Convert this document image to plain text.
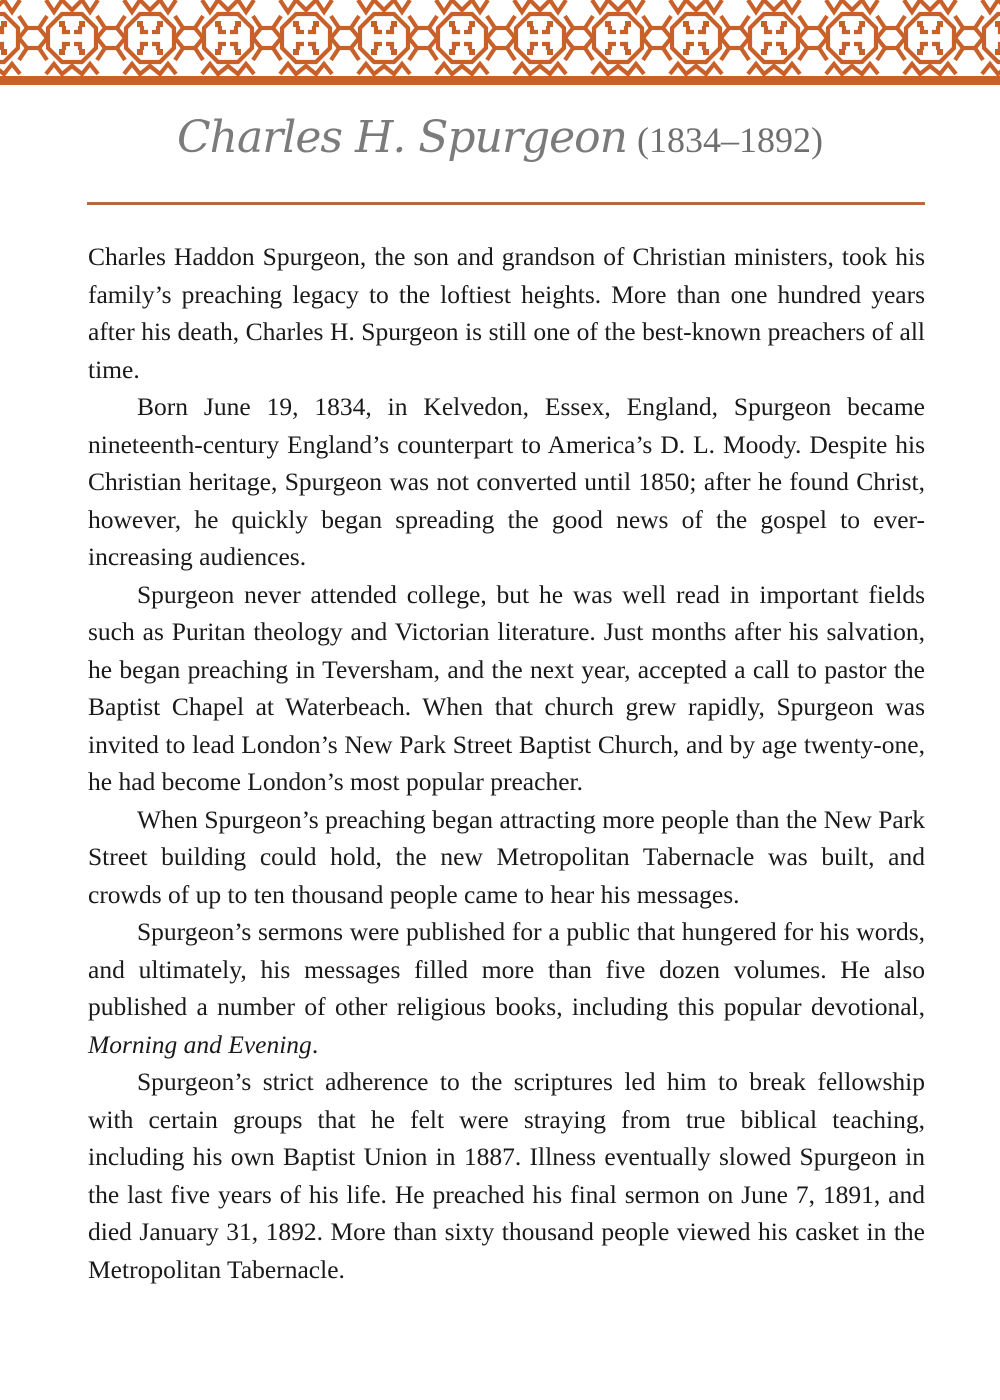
Charles H. Spurgeon (1834–1892)

Charles Haddon Spurgeon, the son and grandson of Christian ministers, took his family’s preaching legacy to the loftiest heights. More than one hundred years after his death, Charles H. Spurgeon is still one of the best-known preachers of all time.

Born June 19, 1834, in Kelvedon, Essex, England, Spurgeon became nineteenth-century England’s counterpart to America’s D. L. Moody. Despite his Christian heritage, Spurgeon was not converted until 1850; after he found Christ, however, he quickly began spreading the good news of the gospel to ever-increasing audiences.

Spurgeon never attended college, but he was well read in important fields such as Puritan theology and Victorian literature. Just months after his salvation, he began preaching in Teversham, and the next year, accepted a call to pastor the Baptist Chapel at Waterbeach. When that church grew rapidly, Spurgeon was invited to lead London’s New Park Street Baptist Church, and by age twenty-one, he had become London’s most popular preacher.

When Spurgeon’s preaching began attracting more people than the New Park Street building could hold, the new Metropolitan Tabernacle was built, and crowds of up to ten thousand people came to hear his messages.

Spurgeon’s sermons were published for a public that hungered for his words, and ultimately, his messages filled more than five dozen volumes. He also published a number of other religious books, including this popular devotional, Morning and Evening.

Spurgeon’s strict adherence to the scriptures led him to break fellowship with certain groups that he felt were straying from true biblical teaching, including his own Baptist Union in 1887. Illness eventually slowed Spurgeon in the last five years of his life. He preached his final sermon on June 7, 1891, and died January 31, 1892. More than sixty thousand people viewed his casket in the Metropolitan Tabernacle.
